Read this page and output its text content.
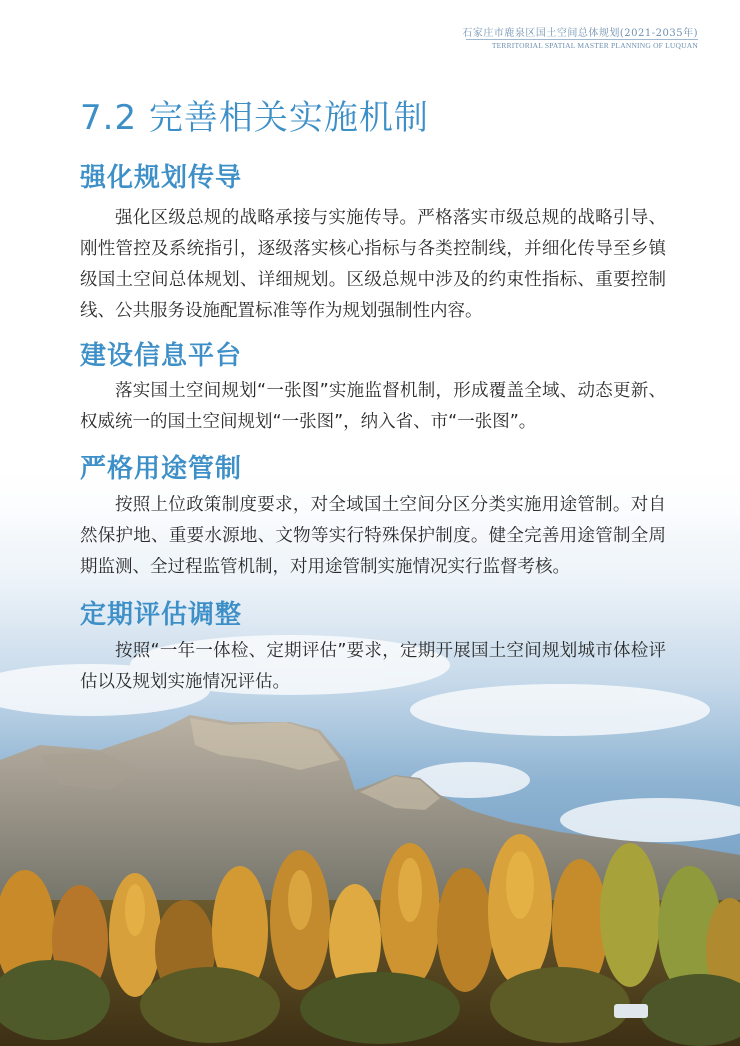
石家庄市鹿泉区国土空间总体规划(2021-2035年)
TERRITORIAL SPATIAL MASTER PLANNING OF LUQUAN
7.2 完善相关实施机制
强化规划传导

强化区级总规的战略承接与实施传导。严格落实市级总规的战略引导、刚性管控及系统指引，逐级落实核心指标与各类控制线，并细化传导至乡镇级国土空间总体规划、详细规划。区级总规中涉及的约束性指标、重要控制线、公共服务设施配置标准等作为规划强制性内容。

建设信息平台

落实国土空间规划“一张图”实施监督机制，形成覆盖全域、动态更新、权威统一的国土空间规划“一张图”，纳入省、市“一张图”。

严格用途管制

按照上位政策制度要求，对全域国土空间分区分类实施用途管制。对自然保护地、重要水源地、文物等实行特殊保护制度。健全完善用途管制全周期监测、全过程监管机制，对用途管制实施情况实行监督考核。

定期评估调整

按照“一年一体检、定期评估”要求，定期开展国土空间规划城市体检评估以及规划实施情况评估。
